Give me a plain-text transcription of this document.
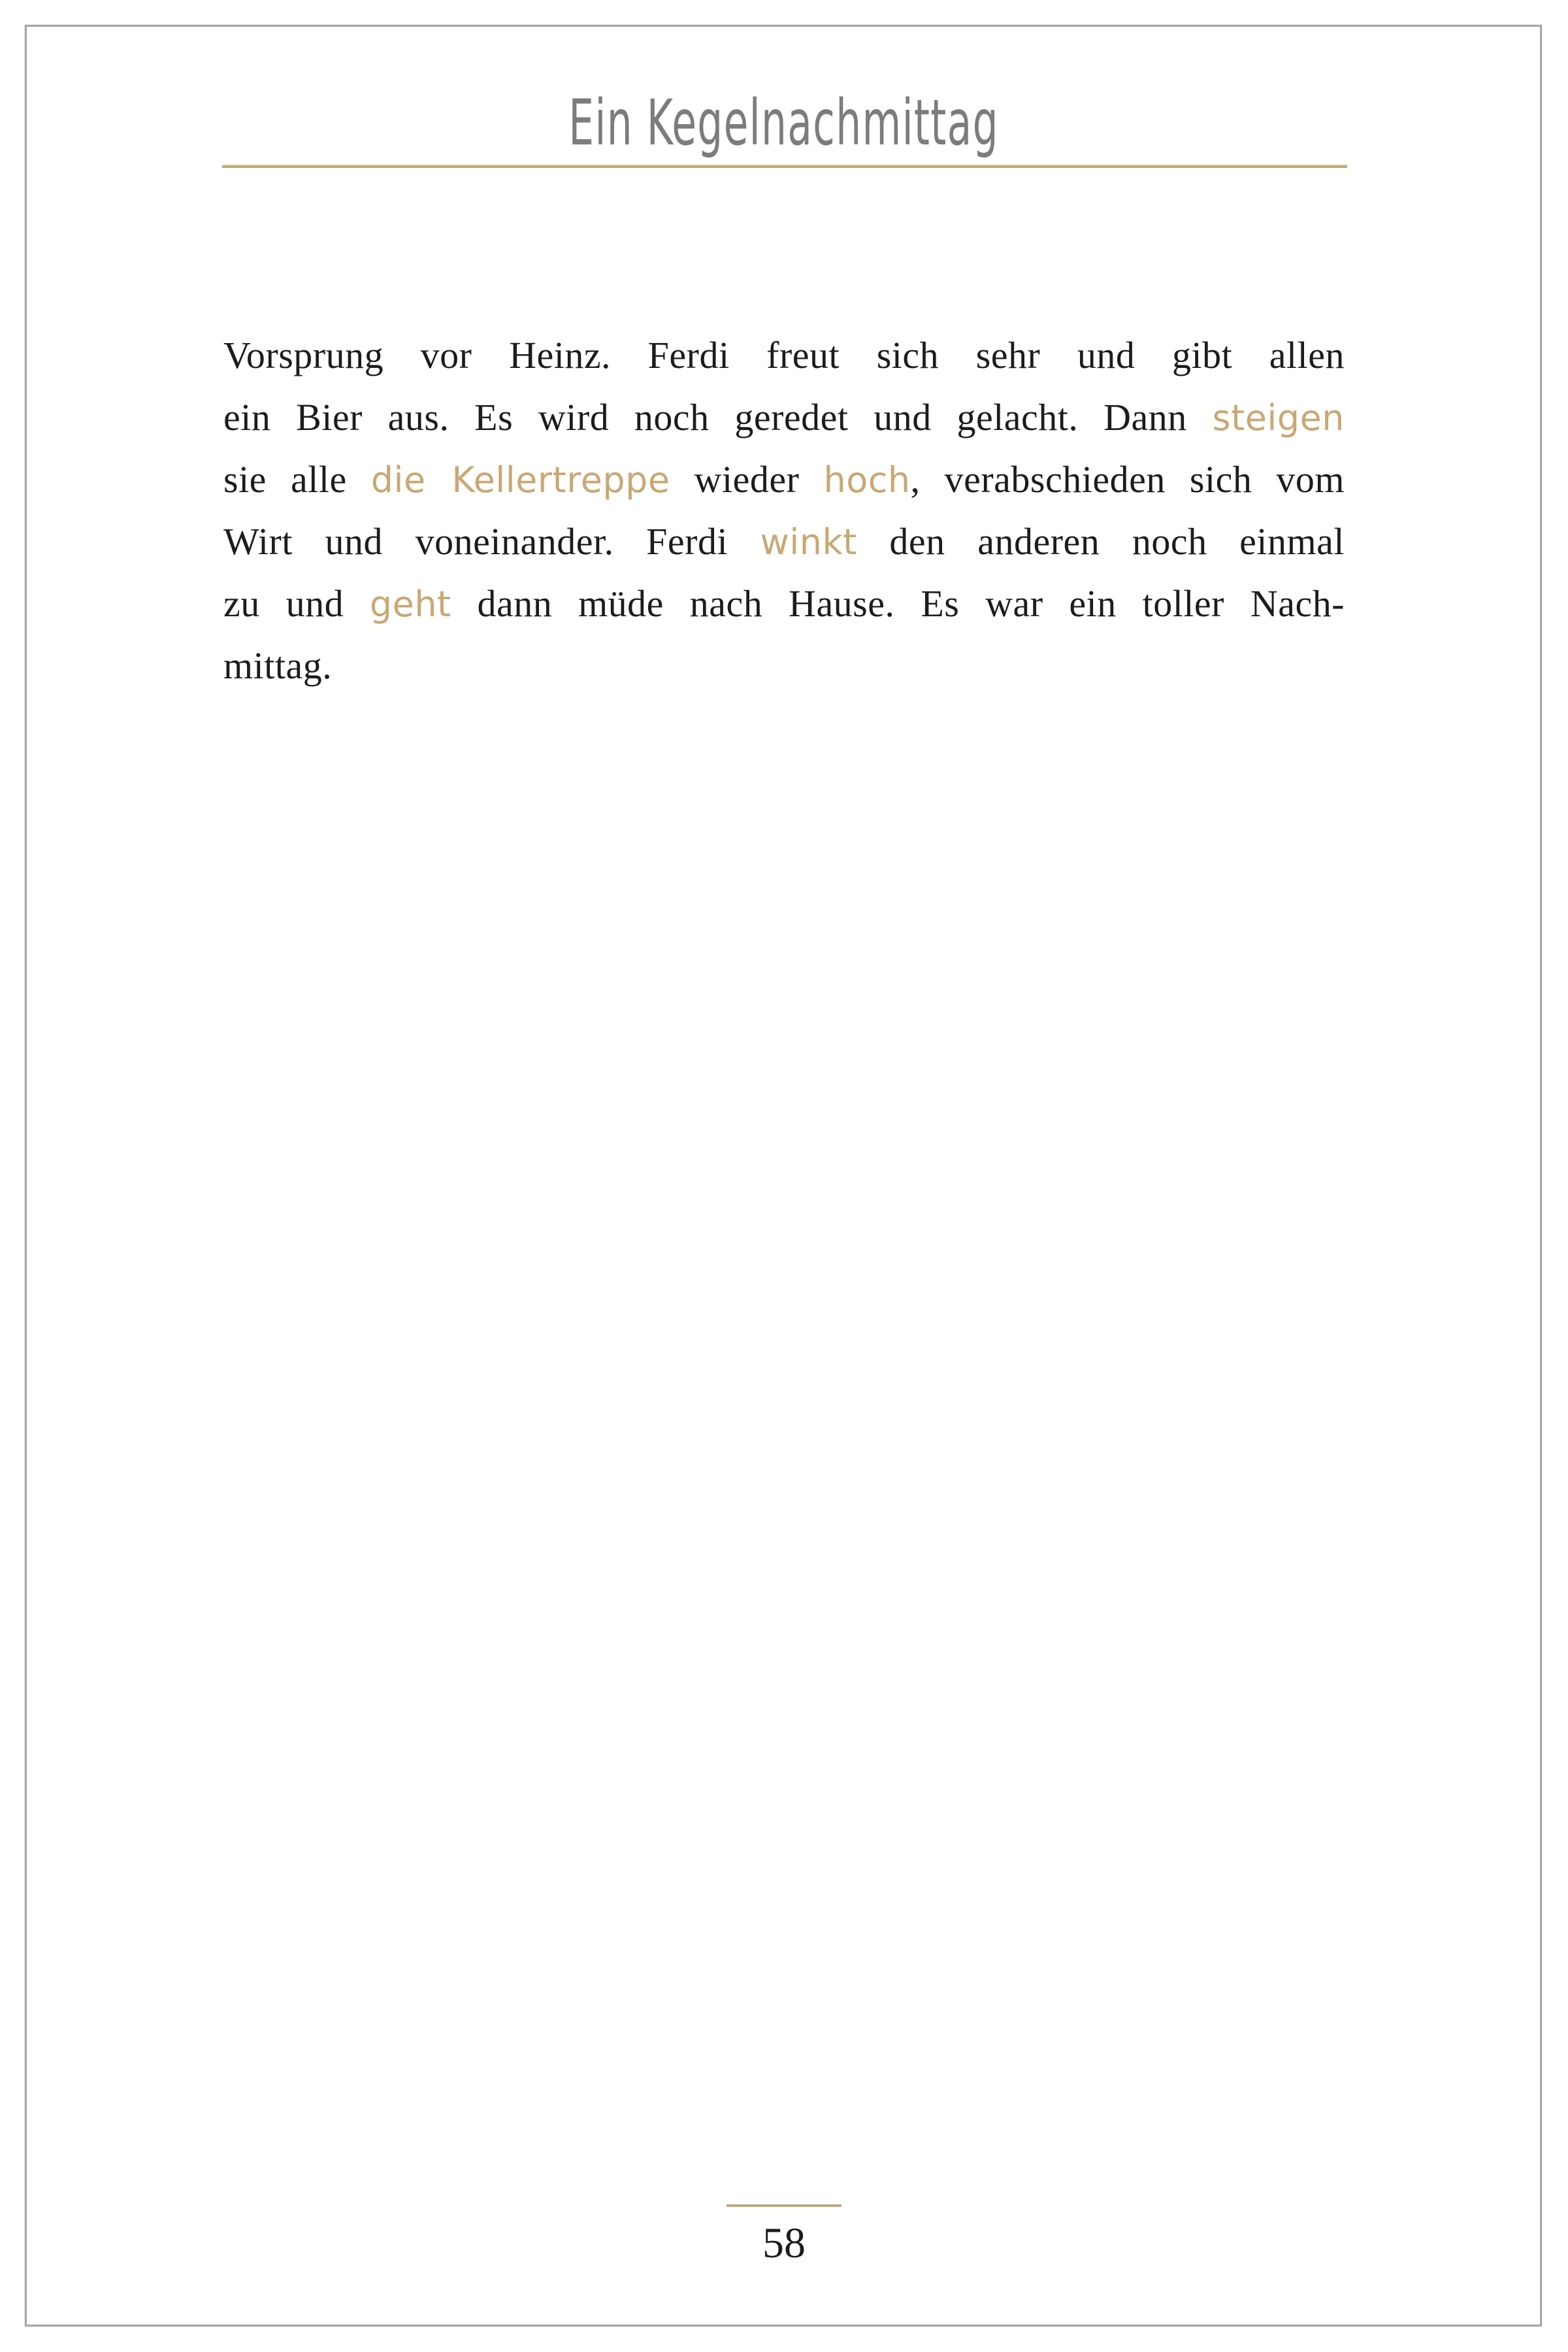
Ein Kegelnachmittag
Vorsprung vor Heinz. Ferdi freut sich sehr und gibt allen
ein Bier aus. Es wird noch geredet und gelacht. Dann steigen
sie alle die Kellertreppe wieder hoch, verabschieden sich vom
Wirt und voneinander. Ferdi winkt den anderen noch einmal
zu und geht dann müde nach Hause. Es war ein toller Nach-
mittag.
58
